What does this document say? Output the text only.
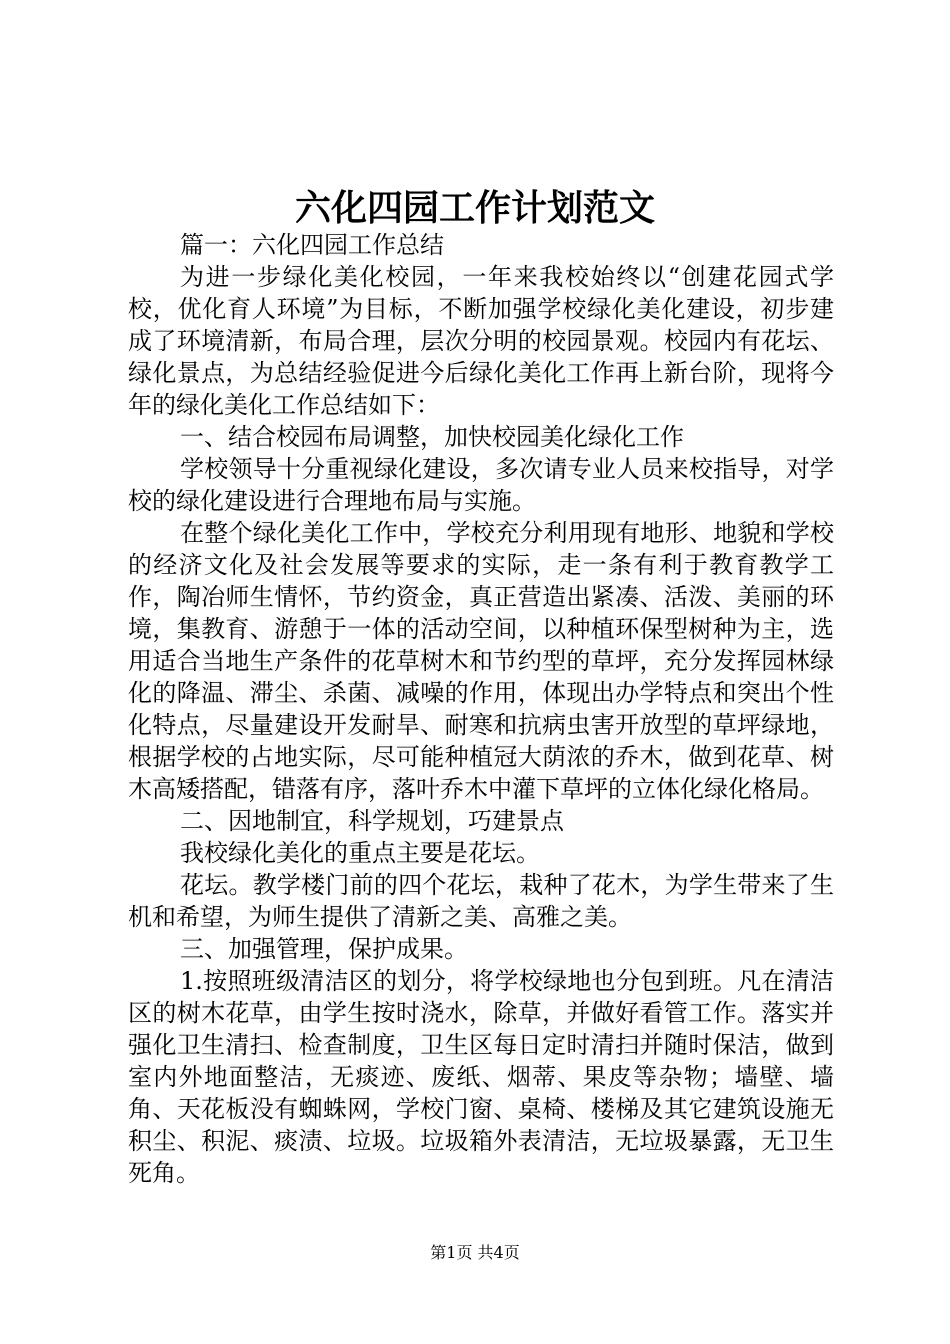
六化四园工作计划范文

篇一：六化四园工作总结

为进一步绿化美化校园，一年来我校始终以“创建花园式学校，优化育人环境”为目标，不断加强学校绿化美化建设，初步建成了环境清新，布局合理，层次分明的校园景观。校园内有花坛、绿化景点，为总结经验促进今后绿化美化工作再上新台阶，现将今年的绿化美化工作总结如下：

一、结合校园布局调整，加快校园美化绿化工作

学校领导十分重视绿化建设，多次请专业人员来校指导，对学校的绿化建设进行合理地布局与实施。

在整个绿化美化工作中，学校充分利用现有地形、地貌和学校的经济文化及社会发展等要求的实际，走一条有利于教育教学工作，陶冶师生情怀，节约资金，真正营造出紧凑、活泼、美丽的环境，集教育、游憩于一体的活动空间，以种植环保型树种为主，选用适合当地生产条件的花草树木和节约型的草坪，充分发挥园林绿化的降温、滞尘、杀菌、减噪的作用，体现出办学特点和突出个性化特点，尽量建设开发耐旱、耐寒和抗病虫害开放型的草坪绿地，根据学校的占地实际，尽可能种植冠大荫浓的乔木，做到花草、树木高矮搭配，错落有序，落叶乔木中灌下草坪的立体化绿化格局。

二、因地制宜，科学规划，巧建景点

我校绿化美化的重点主要是花坛。

花坛。教学楼门前的四个花坛，栽种了花木，为学生带来了生机和希望，为师生提供了清新之美、高雅之美。

三、加强管理，保护成果。

1.按照班级清洁区的划分，将学校绿地也分包到班。凡在清洁区的树木花草，由学生按时浇水，除草，并做好看管工作。落实并强化卫生清扫、检查制度，卫生区每日定时清扫并随时保洁，做到室内外地面整洁，无痰迹、废纸、烟蒂、果皮等杂物；墙壁、墙角、天花板没有蜘蛛网，学校门窗、桌椅、楼梯及其它建筑设施无积尘、积泥、痰渍、垃圾。垃圾箱外表清洁，无垃圾暴露，无卫生死角。

第1页 共4页
